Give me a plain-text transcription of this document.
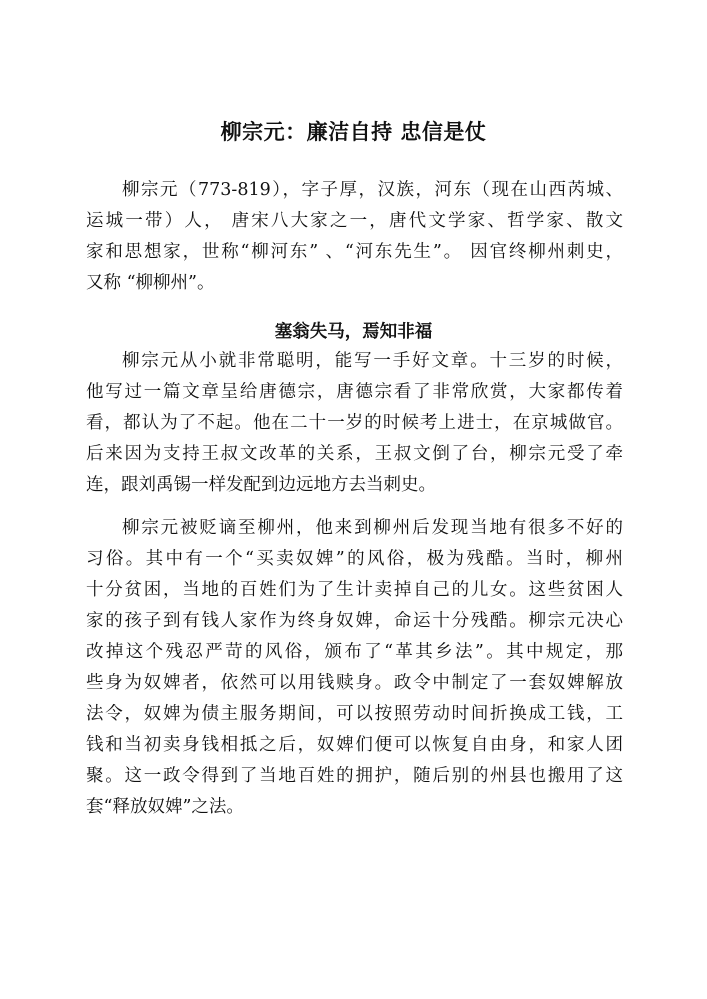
柳宗元：廉洁自持 忠信是仗
柳宗元（773-819），字子厚，汉族，河东（现在山西芮城、
运城一带）人， 唐宋八大家之一，唐代文学家、哲学家、散文
家和思想家，世称“柳河东” 、“河东先生”。 因官终柳州刺史，
又称 “柳柳州”。
塞翁失马，焉知非福
柳宗元从小就非常聪明，能写一手好文章。十三岁的时候，
他写过一篇文章呈给唐德宗，唐德宗看了非常欣赏，大家都传着
看，都认为了不起。他在二十一岁的时候考上进士，在京城做官。
后来因为支持王叔文改革的关系，王叔文倒了台，柳宗元受了牵
连，跟刘禹锡一样发配到边远地方去当刺史。
柳宗元被贬谪至柳州，他来到柳州后发现当地有很多不好的
习俗。其中有一个“买卖奴婢”的风俗，极为残酷。当时，柳州
十分贫困，当地的百姓们为了生计卖掉自己的儿女。这些贫困人
家的孩子到有钱人家作为终身奴婢，命运十分残酷。柳宗元决心
改掉这个残忍严苛的风俗，颁布了“革其乡法”。其中规定，那
些身为奴婢者，依然可以用钱赎身。政令中制定了一套奴婢解放
法令，奴婢为债主服务期间，可以按照劳动时间折换成工钱，工
钱和当初卖身钱相抵之后，奴婢们便可以恢复自由身，和家人团
聚。这一政令得到了当地百姓的拥护，随后别的州县也搬用了这
套“释放奴婢”之法。
